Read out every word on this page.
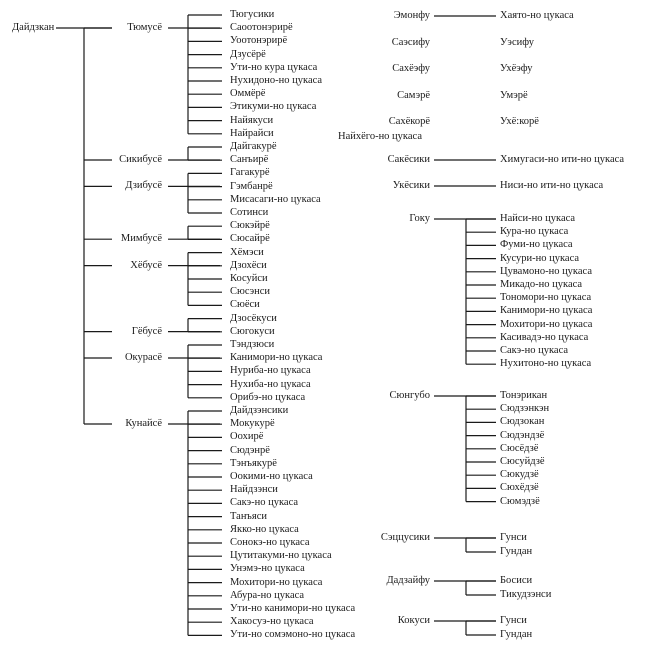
Дайдзкан	Тюмусё
Тюгусики
Саоотонэрирё
Уоотонэрирё
Дзусёрё
Ути-но кура цукаса
Нухидоно-но цукаса
Оммёрё
Этикуми-но цукаса
Найякуси
Найрайси
Сикибусё
Дайгакурё
Санъирё
Дзибусё
Гагакурё
Гэмбанрё
Мисасаги-но цукаса
Сотинси
Мимбусё
Сюкэйрё
Сюсайрё
Хёбусё
Хёмэси
Дзохёси
Косуйси
Сюсэнси
Сюёси
Гёбусё
Дзосёкуси
Сюгокуси
Окурасё
Тэндзюси
Канимори-но цукаса
Нуриба-но цукаса
Нухиба-но цукаса
Орибэ-но цукаса
Кунайсё
Дайдзэнсики
Мокукурё
Оохирё
Сюдэнрё
Тэнъякурё
Оокими-но цукаса
Найдзэнси
Сакэ-но цукаса
Танъяси
Якко-но цукаса
Сонокэ-но цукаса
Цутитакуми-но цукаса
Унэмэ-но цукаса
Мохитори-но цукаса
Абура-но цукаса
Ути-но канимори-но цукаса
Хакосуэ-но цукаса
Ути-но сомэмоно-но цукаса
Эмонфу	Хаято-но цукаса
Саэсифу	Уэсифу
Сахёэфу	Ухёэфу
Самэрё	Умэрё
Сахёкорё	Ухё:корё
Найхёго-но цукаса
Сакёсики	Химугаси-но ити-но цукаса
Укёсики	Ниси-но ити-но цукаса
Гоку	Найси-но цукаса
Кура-но цукаса
Фуми-но цукаса
Кусури-но цукаса
Цувамоно-но цукаса
Микадо-но цукаса
Тономори-но цукаса
Канимори-но цукаса
Мохитори-но цукаса
Касивадэ-но цукаса
Сакэ-но цукаса
Нухитоно-но цукаса
Сюнгубо	Тонэрикан
Сюдзэнкэн
Сюдзокан
Сюдэндзё
Сюсёдзё
Сюсуйдзё
Сюкудзё
Сюхёдзё
Сюмэдзё
Сэццусики	Гунси
Гундан
Дадзайфу	Босиси
Тикудзэнси
Кокуси	Гунси
Гундан
